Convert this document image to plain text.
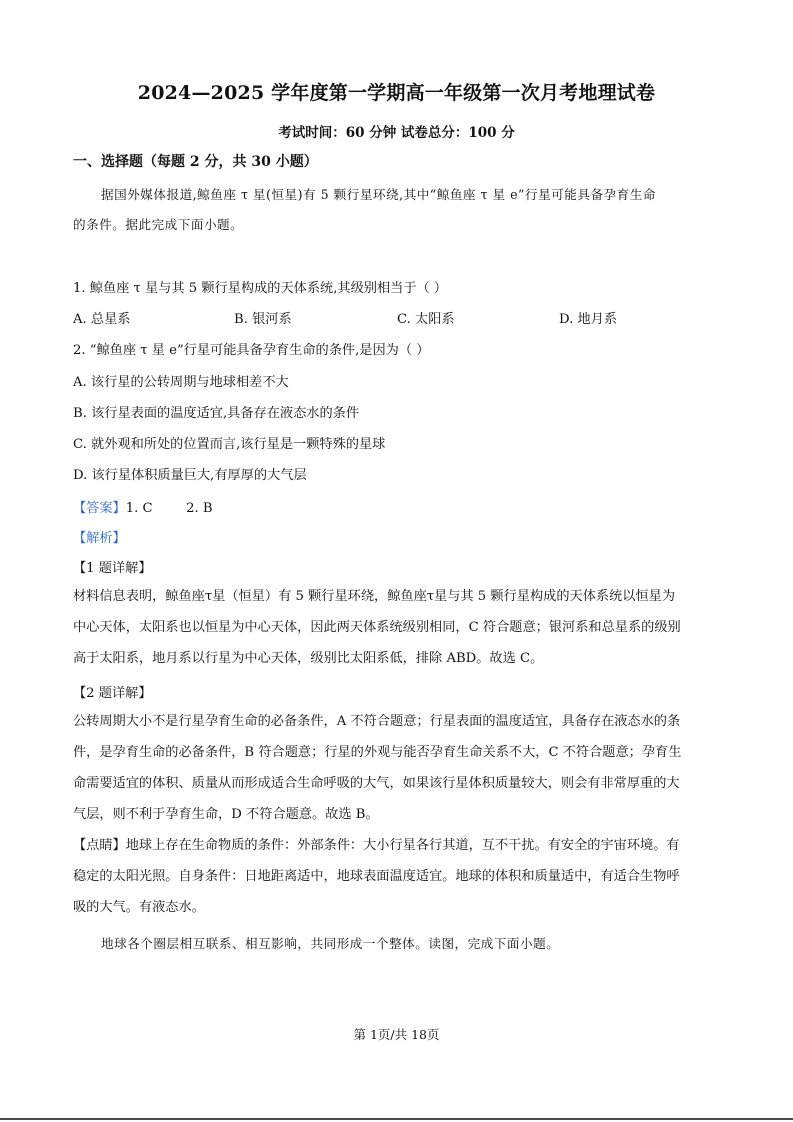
2024—2025 学年度第一学期高一年级第一次月考地理试卷
考试时间：60 分钟 试卷总分：100 分
一、选择题（每题 2 分，共 30 小题）
据国外媒体报道,鲸鱼座 τ 星(恒星)有 5 颗行星环绕,其中“鲸鱼座 τ 星 e”行星可能具备孕育生命
的条件。据此完成下面小题。
1. 鲸鱼座 τ 星与其 5 颗行星构成的天体系统,其级别相当于（ ）
A. 总星系	B. 银河系	C. 太阳系	D. 地月系
2. “鲸鱼座 τ 星 e”行星可能具备孕育生命的条件,是因为（ ）
A. 该行星的公转周期与地球相差不大
B. 该行星表面的温度适宜,具备存在液态水的条件
C. 就外观和所处的位置而言,该行星是一颗特殊的星球
D. 该行星体积质量巨大,有厚厚的大气层
【答案】1. C        2. B
【解析】
【1 题详解】
材料信息表明，鲸鱼座τ星（恒星）有 5 颗行星环绕，鲸鱼座τ星与其 5 颗行星构成的天体系统以恒星为
中心天体，太阳系也以恒星为中心天体，因此两天体系统级别相同，C 符合题意；银河系和总星系的级别
高于太阳系，地月系以行星为中心天体，级别比太阳系低，排除 ABD。故选 C。
【2 题详解】
公转周期大小不是行星孕育生命的必备条件，A 不符合题意；行星表面的温度适宜，具备存在液态水的条
件，是孕育生命的必备条件，B 符合题意；行星的外观与能否孕育生命关系不大，C 不符合题意；孕育生
命需要适宜的体积、质量从而形成适合生命呼吸的大气，如果该行星体积质量较大，则会有非常厚重的大
气层，则不利于孕育生命，D 不符合题意。故选 B。
【点睛】地球上存在生命物质的条件：外部条件：大小行星各行其道，互不干扰。有安全的宇宙环境。有
稳定的太阳光照。自身条件：日地距离适中，地球表面温度适宜。地球的体积和质量适中，有适合生物呼
吸的大气。有液态水。
地球各个圈层相互联系、相互影响，共同形成一个整体。读图，完成下面小题。
第 1页/共 18页
